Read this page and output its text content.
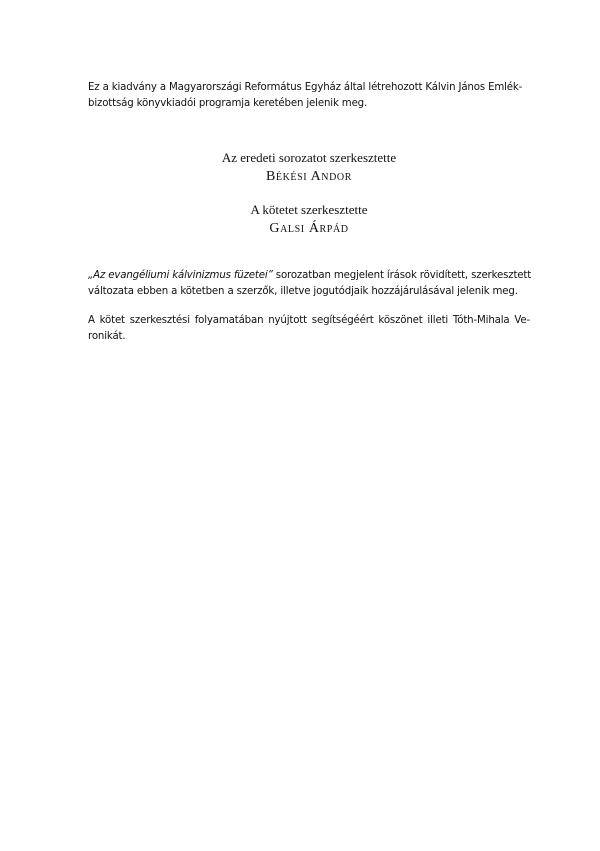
Ez a kiadvány a Magyarországi Református Egyház által létrehozott Kálvin János Emlék-

bizottság könyvkiadói programja keretében jelenik meg.

Az eredeti sorozatot szerkesztette

Békési Andor

A kötetet szerkesztette

Galsi Árpád

„Az evangéliumi kálvinizmus füzetei” sorozatban megjelent írások rövidített, szerkesztett
változata ebben a kötetben a szerzők, illetve jogutódjaik hozzájárulásával jelenik meg.
A kötet szerkesztési folyamatában nyújtott segítségéért köszönet illeti Tóth-Mihala Ve-
ronikát.
